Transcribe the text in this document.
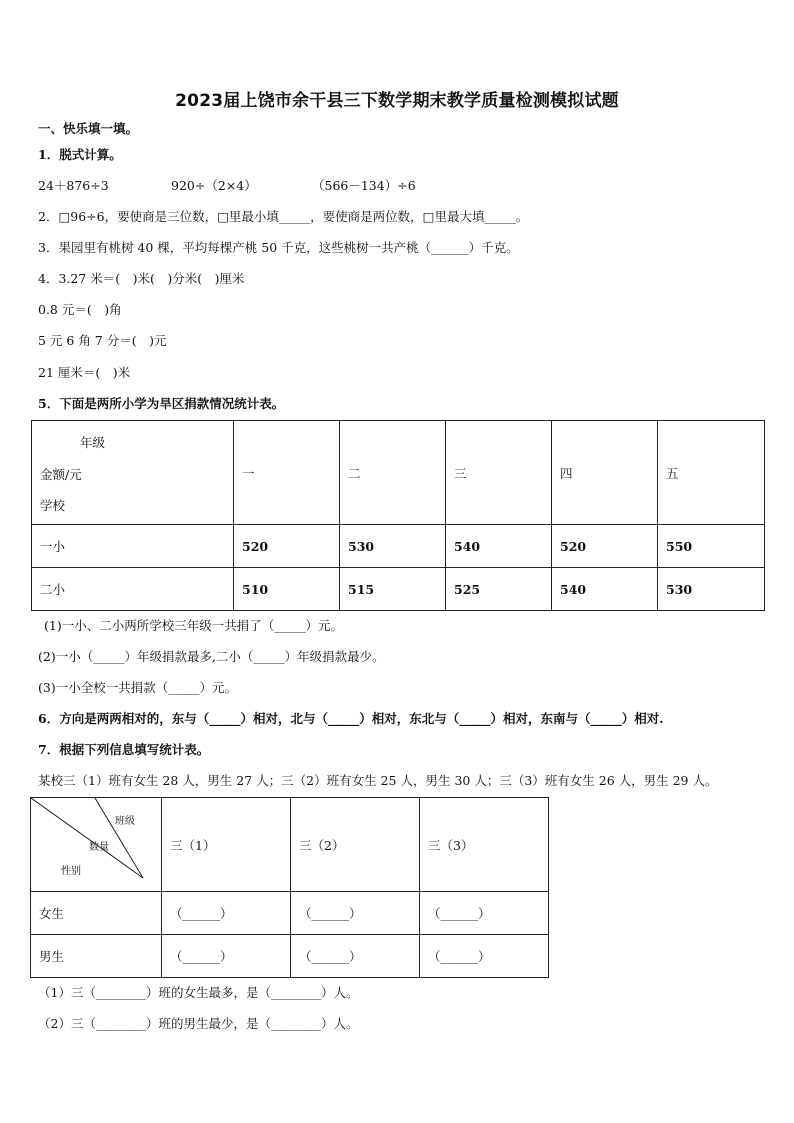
2023届上饶市余干县三下数学期末教学质量检测模拟试题
一、快乐填一填。
1．脱式计算。
24＋876÷3	920÷（2×4）	（566－134）÷6
2．□96÷6，要使商是三位数，□里最小填_____，要使商是两位数，□里最大填_____。
3．果园里有桃树 40 棵，平均每棵产桃 50 千克，这些桃树一共产桃（______）千克。
4．3.27 米＝(　)米(　)分米(　)厘米
0.8 元＝(　)角
5 元 6 角 7 分＝(　)元
21 厘米＝(　)米
5．下面是两所小学为旱区捐款情况统计表。
年级
金额/元
学校	一	二	三	四	五
一小	520	530	540	520	550
二小	510	515	525	540	530
(1)一小、二小两所学校三年级一共捐了（_____）元。
(2)一小（_____）年级捐款最多,二小（_____）年级捐款最少。
(3)一小全校一共捐款（_____）元。
6．方向是两两相对的，东与（_____）相对，北与（_____）相对，东北与（_____）相对，东南与（_____）相对.
7．根据下列信息填写统计表。
某校三（1）班有女生 28 人，男生 27 人；三（2）班有女生 25 人，男生 30 人；三（3）班有女生 26 人，男生 29 人。
班级
数量
性别	三（1）	三（2）	三（3）
女生	（______）	（______）	（______）
男生	（______）	（______）	（______）
（1）三（________）班的女生最多，是（________）人。
（2）三（________）班的男生最少，是（________）人。
